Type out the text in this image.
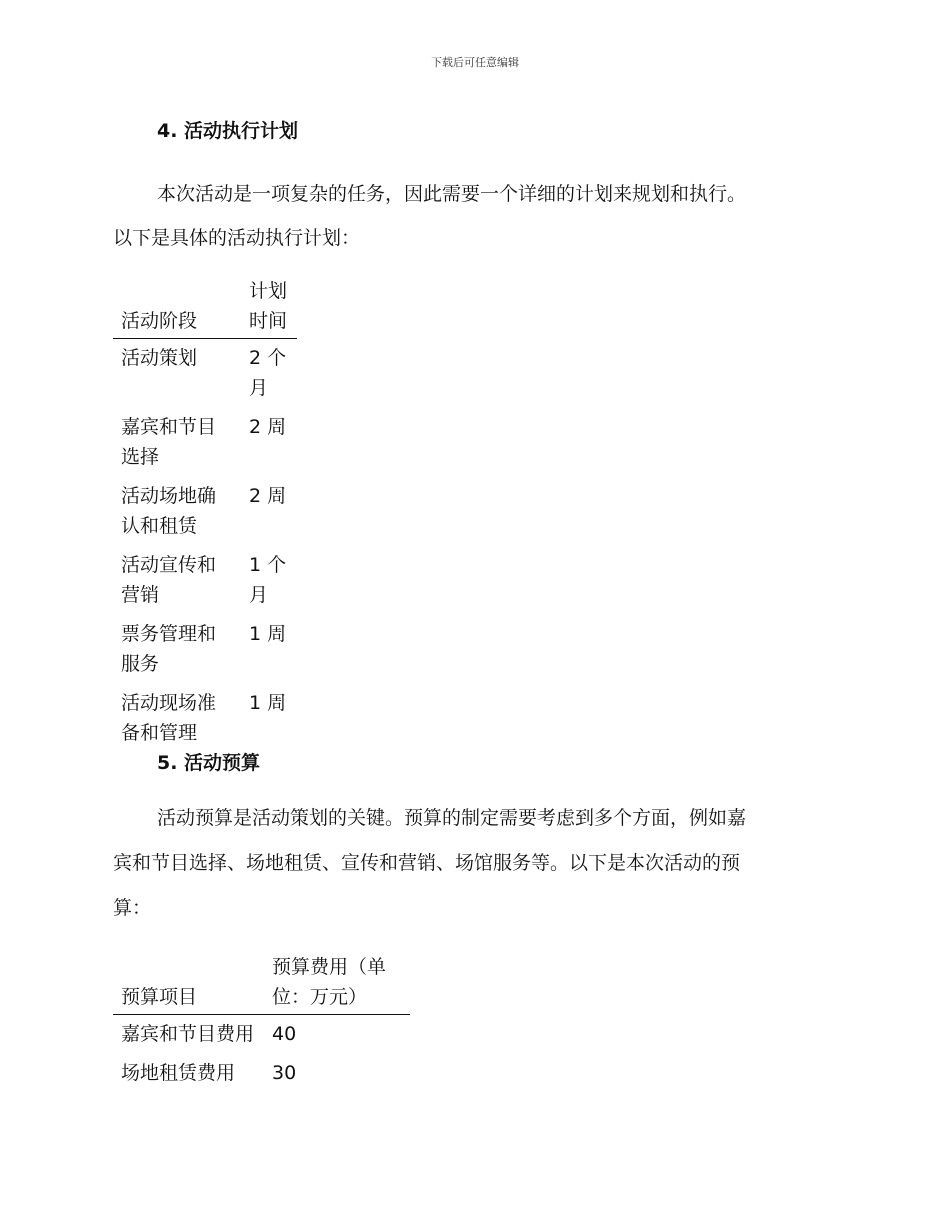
下载后可任意编辑
4. 活动执行计划
本次活动是一项复杂的任务，因此需要一个详细的计划来规划和执行。
以下是具体的活动执行计划：
活动阶段	计划时间
活动策划	2 个月
嘉宾和节目选择	2 周
活动场地确认和租赁	2 周
活动宣传和营销	1 个月
票务管理和服务	1 周
活动现场准备和管理	1 周
5. 活动预算
活动预算是活动策划的关键。预算的制定需要考虑到多个方面，例如嘉
宾和节目选择、场地租赁、宣传和营销、场馆服务等。以下是本次活动的预
算：
预算项目	预算费用（单位：万元）
嘉宾和节目费用	40
场地租赁费用	30
